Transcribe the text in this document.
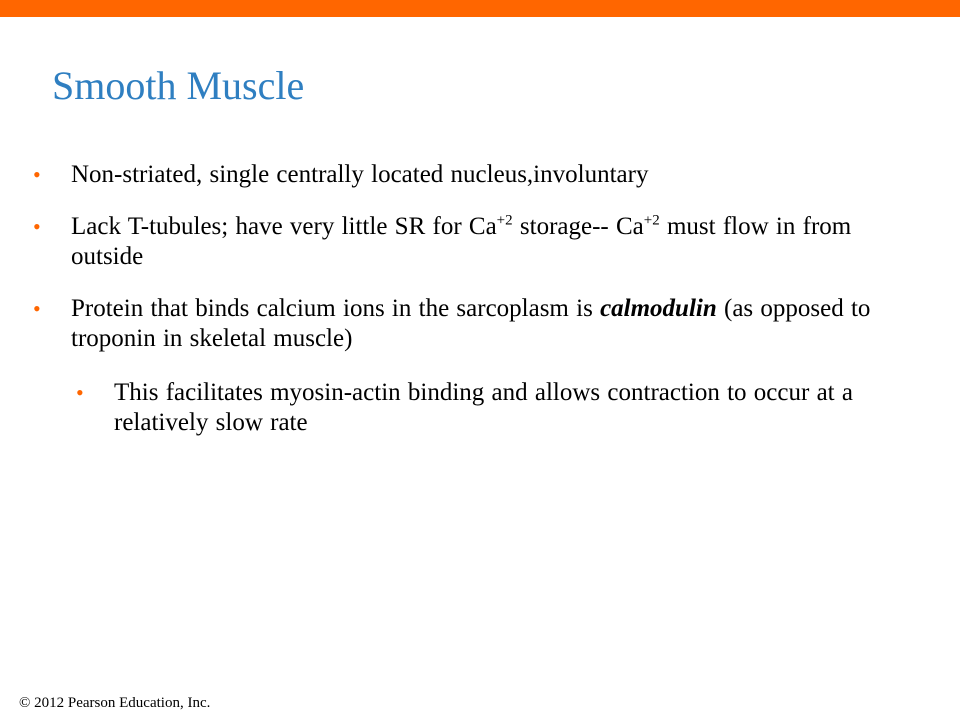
Smooth Muscle
• Non-striated, single centrally located nucleus,involuntary
• Lack T-tubules; have very little SR for $Ca^{+2}$ storage-- $Ca^{+2}$ must flow in from outside
• Protein that binds calcium ions in the sarcoplasm is calmodulin (as opposed to troponin in skeletal muscle)
• This facilitates myosin-actin binding and allows contraction to occur at a relatively slow rate
© 2012 Pearson Education, Inc.
